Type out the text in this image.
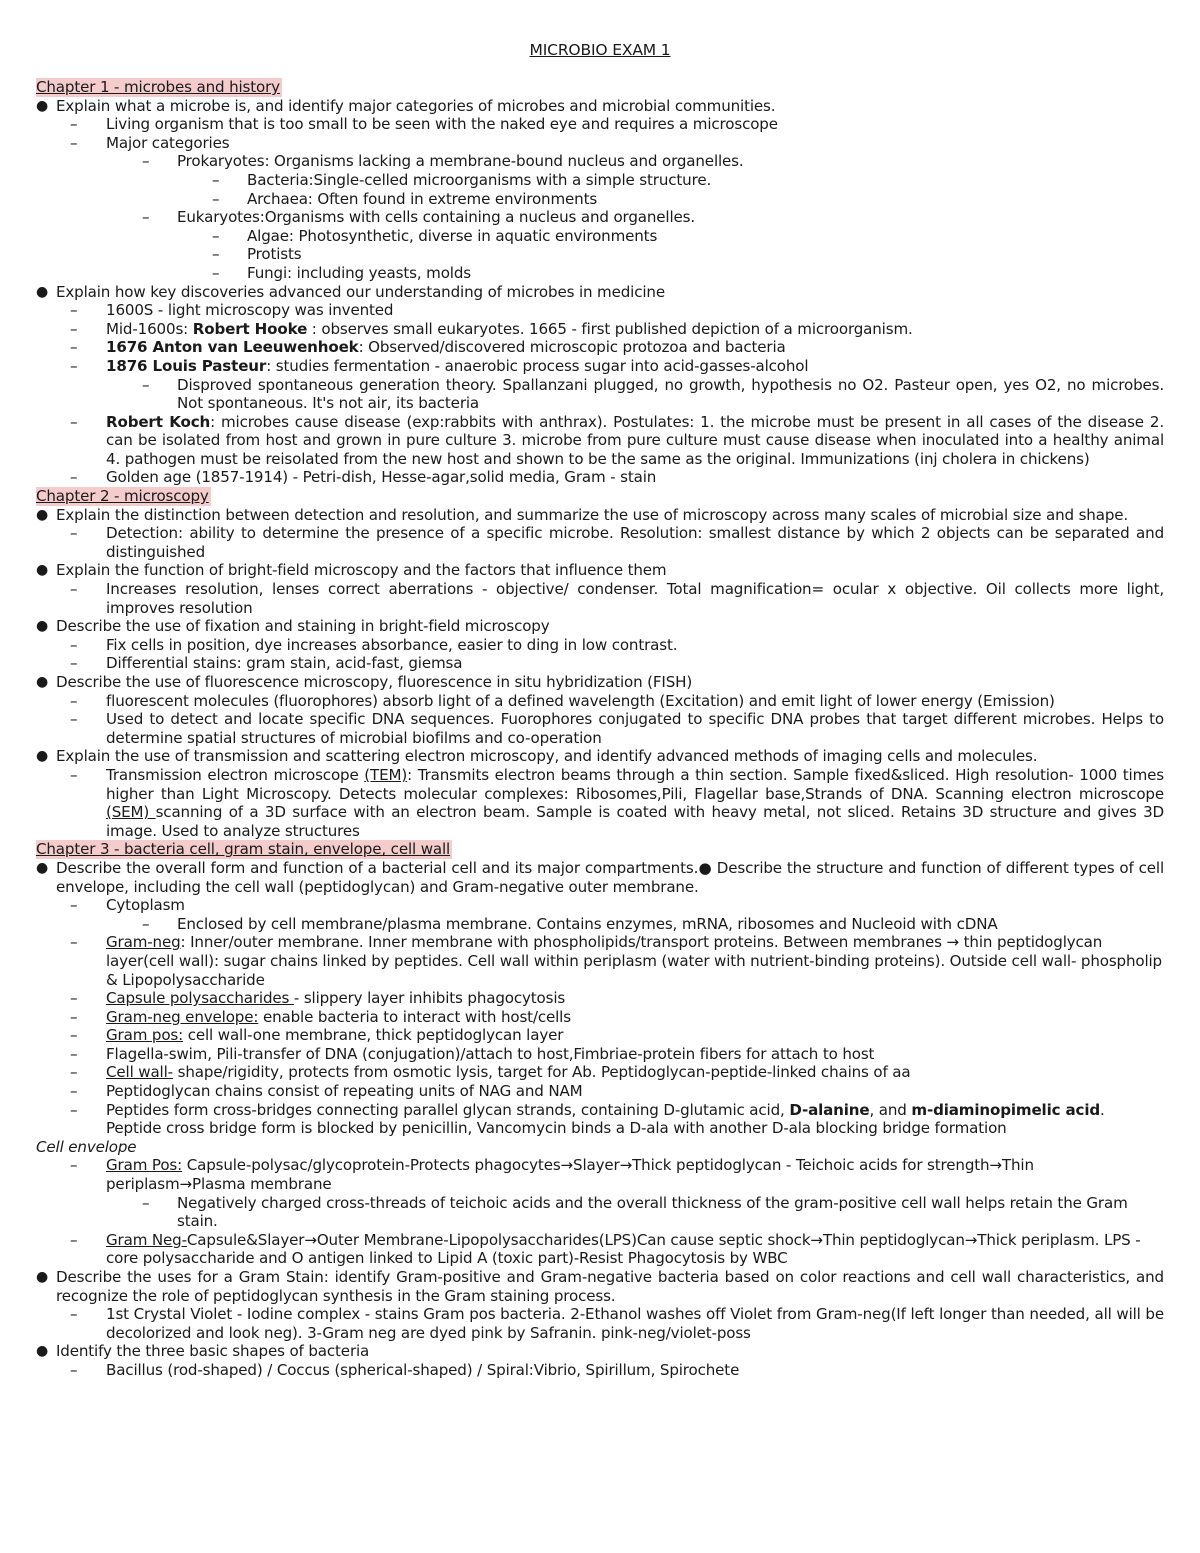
MICROBIO EXAM 1
Chapter 1 - microbes and history
● Explain what a microbe is, and identify major categories of microbes and microbial communities.
– Living organism that is too small to be seen with the naked eye and requires a microscope
– Major categories
– Prokaryotes: Organisms lacking a membrane-bound nucleus and organelles.
– Bacteria:Single-celled microorganisms with a simple structure.
– Archaea: Often found in extreme environments
– Eukaryotes:Organisms with cells containing a nucleus and organelles.
– Algae: Photosynthetic, diverse in aquatic environments
– Protists
– Fungi: including yeasts, molds
● Explain how key discoveries advanced our understanding of microbes in medicine
– 1600S - light microscopy was invented
– Mid-1600s: Robert Hooke : observes small eukaryotes. 1665 - first published depiction of a microorganism.
– 1676 Anton van Leeuwenhoek: Observed/discovered microscopic protozoa and bacteria
– 1876 Louis Pasteur: studies fermentation - anaerobic process sugar into acid-gasses-alcohol
– Disproved spontaneous generation theory. Spallanzani plugged, no growth, hypothesis no O2. Pasteur open, yes O2, no microbes. Not spontaneous. It's not air, its bacteria
– Robert Koch: microbes cause disease (exp:rabbits with anthrax). Postulates: 1. the microbe must be present in all cases of the disease 2. can be isolated from host and grown in pure culture 3. microbe from pure culture must cause disease when inoculated into a healthy animal 4. pathogen must be reisolated from the new host and shown to be the same as the original. Immunizations (inj cholera in chickens)
– Golden age (1857-1914) - Petri-dish, Hesse-agar,solid media, Gram - stain
Chapter 2 - microscopy
● Explain the distinction between detection and resolution, and summarize the use of microscopy across many scales of microbial size and shape.
– Detection: ability to determine the presence of a specific microbe. Resolution: smallest distance by which 2 objects can be separated and distinguished
● Explain the function of bright-field microscopy and the factors that influence them
– Increases resolution, lenses correct aberrations - objective/ condenser. Total magnification= ocular x objective. Oil collects more light, improves resolution
● Describe the use of fixation and staining in bright-field microscopy
– Fix cells in position, dye increases absorbance, easier to ding in low contrast.
– Differential stains: gram stain, acid-fast, giemsa
● Describe the use of fluorescence microscopy, fluorescence in situ hybridization (FISH)
– fluorescent molecules (fluorophores) absorb light of a defined wavelength (Excitation) and emit light of lower energy (Emission)
– Used to detect and locate specific DNA sequences. Fuorophores conjugated to specific DNA probes that target different microbes. Helps to determine spatial structures of microbial biofilms and co-operation
● Explain the use of transmission and scattering electron microscopy, and identify advanced methods of imaging cells and molecules.
– Transmission electron microscope (TEM): Transmits electron beams through a thin section. Sample fixed&sliced. High resolution- 1000 times higher than Light Microscopy. Detects molecular complexes: Ribosomes,Pili, Flagellar base,Strands of DNA. Scanning electron microscope (SEM) scanning of a 3D surface with an electron beam. Sample is coated with heavy metal, not sliced. Retains 3D structure and gives 3D image. Used to analyze structures
Chapter 3 - bacteria cell, gram stain, envelope, cell wall
● Describe the overall form and function of a bacterial cell and its major compartments.● Describe the structure and function of different types of cell envelope, including the cell wall (peptidoglycan) and Gram-negative outer membrane.
– Cytoplasm
– Enclosed by cell membrane/plasma membrane. Contains enzymes, mRNA, ribosomes and Nucleoid with cDNA
– Gram-neg: Inner/outer membrane. Inner membrane with phospholipids/transport proteins. Between membranes → thin peptidoglycan layer(cell wall): sugar chains linked by peptides. Cell wall within periplasm (water with nutrient-binding proteins). Outside cell wall- phospholip & Lipopolysaccharide
– Capsule polysaccharides - slippery layer inhibits phagocytosis
– Gram-neg envelope: enable bacteria to interact with host/cells
– Gram pos: cell wall-one membrane, thick peptidoglycan layer
– Flagella-swim, Pili-transfer of DNA (conjugation)/attach to host,Fimbriae-protein fibers for attach to host
– Cell wall- shape/rigidity, protects from osmotic lysis, target for Ab. Peptidoglycan-peptide-linked chains of aa
– Peptidoglycan chains consist of repeating units of NAG and NAM
– Peptides form cross-bridges connecting parallel glycan strands, containing D-glutamic acid, D-alanine, and m-diaminopimelic acid. Peptide cross bridge form is blocked by penicillin, Vancomycin binds a D-ala with another D-ala blocking bridge formation
Cell envelope
– Gram Pos: Capsule-polysac/glycoprotein-Protects phagocytes→Slayer→Thick peptidoglycan - Teichoic acids for strength→Thin periplasm→Plasma membrane
– Negatively charged cross-threads of teichoic acids and the overall thickness of the gram-positive cell wall helps retain the Gram stain.
– Gram Neg-Capsule&Slayer→Outer Membrane-Lipopolysaccharides(LPS)Can cause septic shock→Thin peptidoglycan→Thick periplasm. LPS - core polysaccharide and O antigen linked to Lipid A (toxic part)-Resist Phagocytosis by WBC
● Describe the uses for a Gram Stain: identify Gram-positive and Gram-negative bacteria based on color reactions and cell wall characteristics, and recognize the role of peptidoglycan synthesis in the Gram staining process.
– 1st Crystal Violet - Iodine complex - stains Gram pos bacteria. 2-Ethanol washes off Violet from Gram-neg(If left longer than needed, all will be decolorized and look neg). 3-Gram neg are dyed pink by Safranin. pink-neg/violet-poss
● Identify the three basic shapes of bacteria
– Bacillus (rod-shaped) / Coccus (spherical-shaped) / Spiral:Vibrio, Spirillum, Spirochete
